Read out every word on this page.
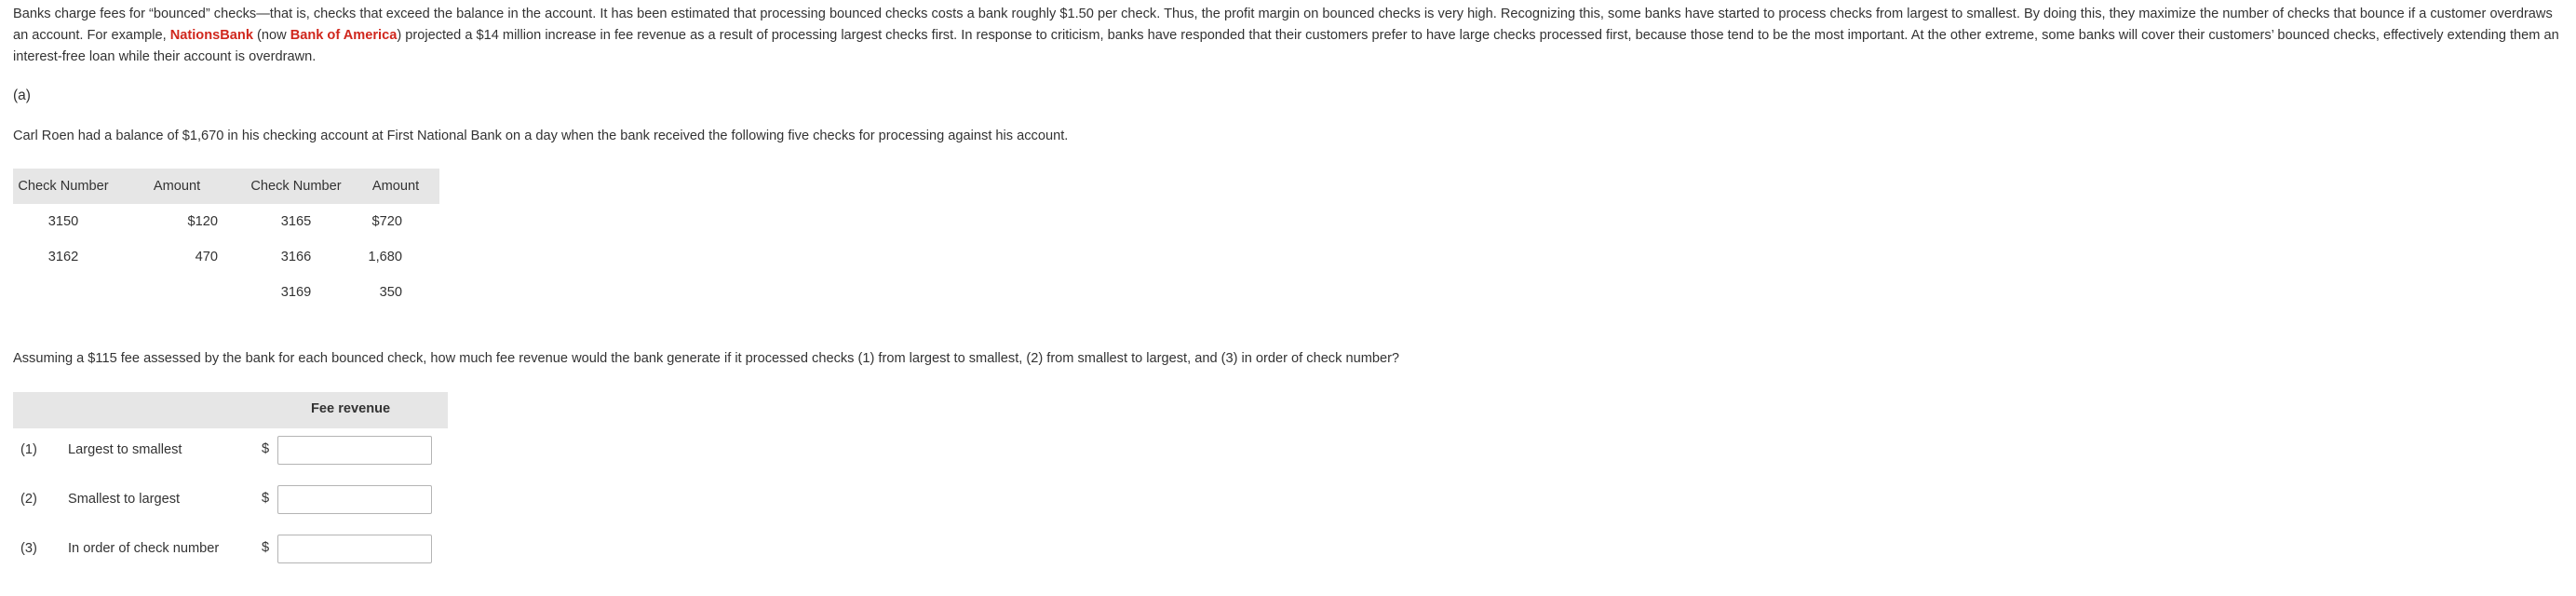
Banks charge fees for “bounced” checks—that is, checks that exceed the balance in the account. It has been estimated that processing bounced checks costs a bank roughly $1.50 per check. Thus, the profit margin on bounced checks is very high. Recognizing this, some banks have started to process checks from largest to smallest. By doing this, they maximize the number of checks that bounce if a customer overdraws an account. For example, NationsBank (now Bank of America) projected a $14 million increase in fee revenue as a result of processing largest checks first. In response to criticism, banks have responded that their customers prefer to have large checks processed first, because those tend to be the most important. At the other extreme, some banks will cover their customers’ bounced checks, effectively extending them an interest-free loan while their account is overdrawn.
(a)
Carl Roen had a balance of $1,670 in his checking account at First National Bank on a day when the bank received the following five checks for processing against his account.
Check Number	Amount	Check Number	Amount
3150	$120	3165	$720
3162	470	3166	1,680
		3169	350
Assuming a $115 fee assessed by the bank for each bounced check, how much fee revenue would the bank generate if it processed checks (1) from largest to smallest, (2) from smallest to largest, and (3) in order of check number?
Fee revenue
(1) Largest to smallest	$
(2) Smallest to largest	$
(3) In order of check number	$
